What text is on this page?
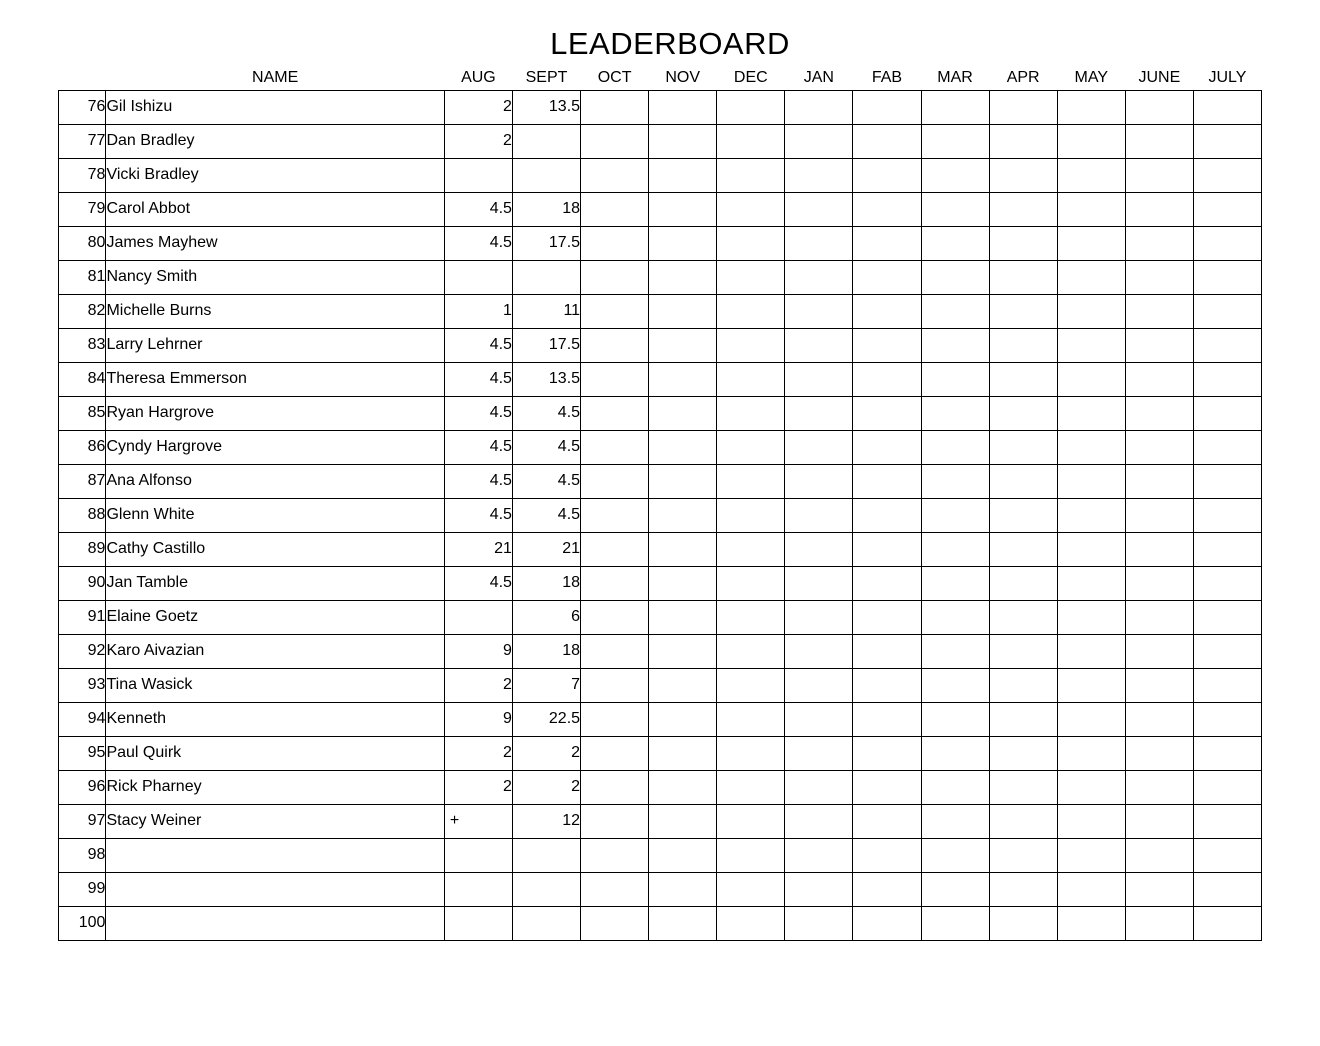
LEADERBOARD
	NAME	AUG	SEPT	OCT	NOV	DEC	JAN	FAB	MAR	APR	MAY	JUNE	JULY
76	Gil Ishizu	2	13.5										
77	Dan Bradley	2											
78	Vicki Bradley												
79	Carol Abbot	4.5	18										
80	James Mayhew	4.5	17.5										
81	Nancy Smith												
82	Michelle Burns	1	11										
83	Larry Lehrner	4.5	17.5										
84	Theresa Emmerson	4.5	13.5										
85	Ryan Hargrove	4.5	4.5										
86	Cyndy Hargrove	4.5	4.5										
87	Ana Alfonso	4.5	4.5										
88	Glenn White	4.5	4.5										
89	Cathy Castillo	21	21										
90	Jan Tamble	4.5	18										
91	Elaine Goetz		6										
92	Karo Aivazian	9	18										
93	Tina Wasick	2	7										
94	Kenneth	9	22.5										
95	Paul Quirk	2	2										
96	Rick Pharney	2	2										
97	Stacy Weiner	+	12										
98													
99													
100													
